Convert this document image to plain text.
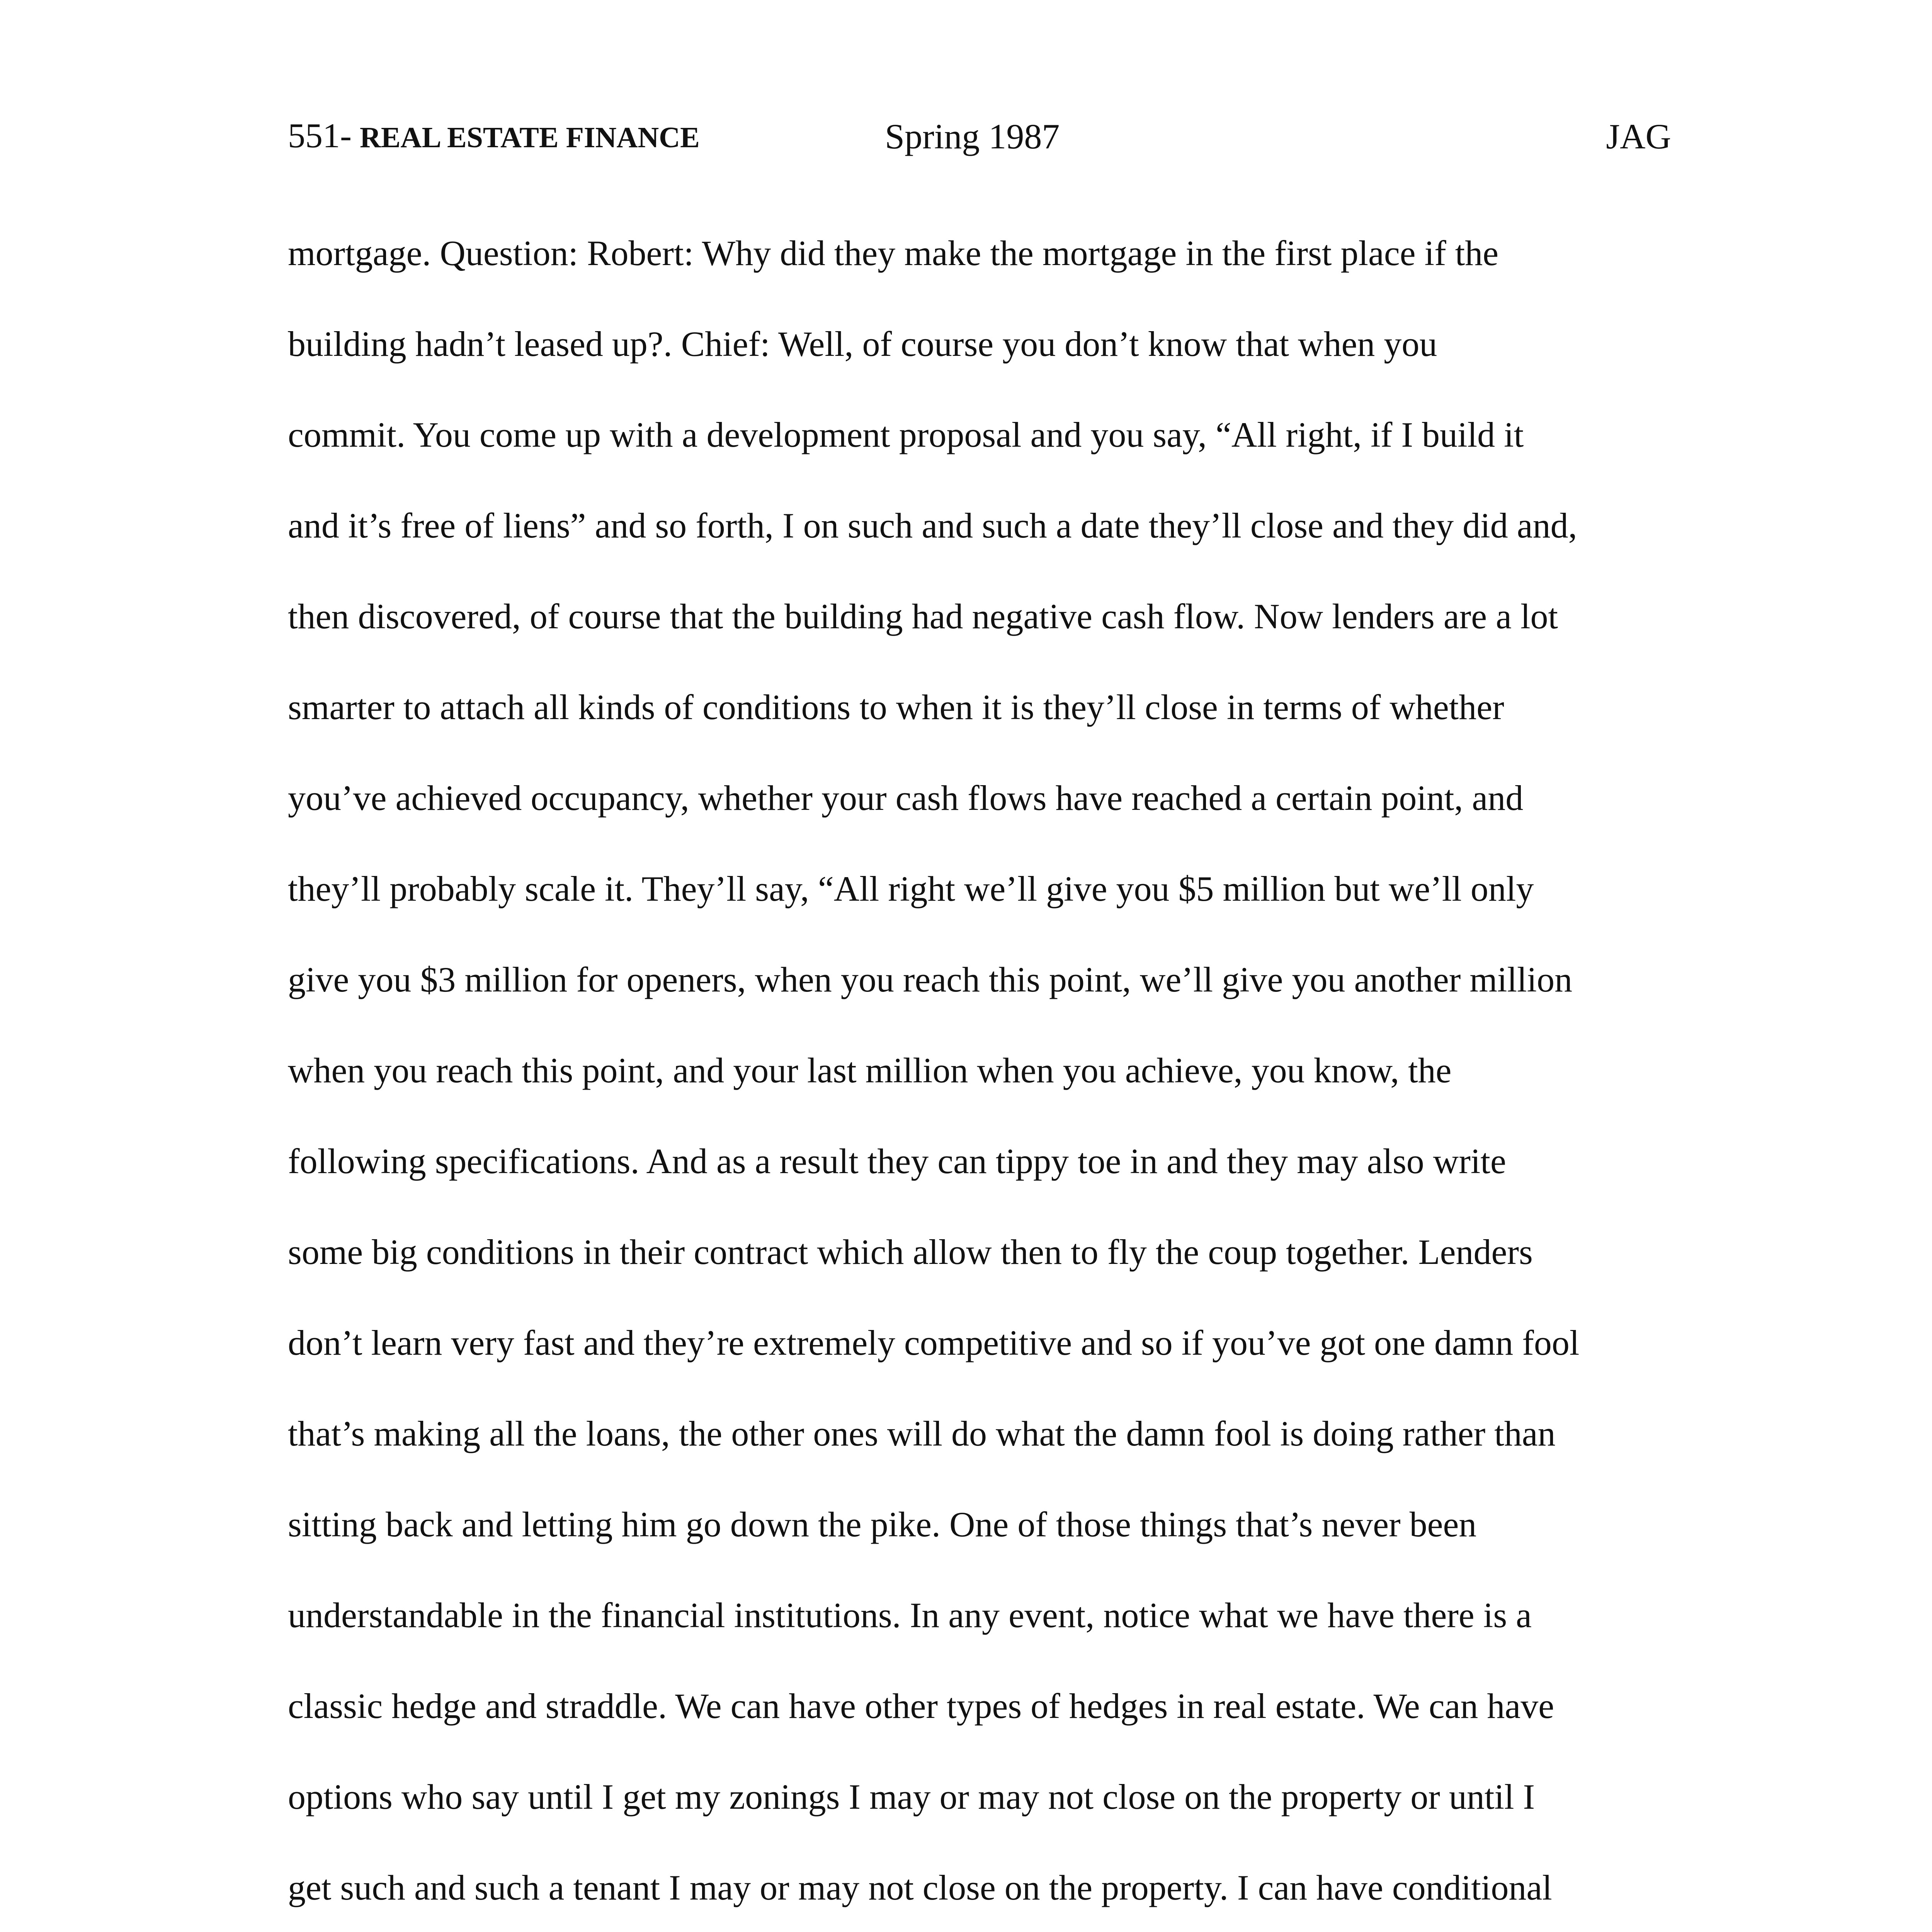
551- REAL ESTATE FINANCE	Spring 1987	JAG
mortgage. Question: Robert: Why did they make the mortgage in the first place if the
building hadn’t leased up?. Chief: Well, of course you don’t know that when you
commit. You come up with a development proposal and you say, “All right, if I build it
and it’s free of liens” and so forth, I on such and such a date they’ll close and they did and,
then discovered, of course that the building had negative cash flow. Now lenders are a lot
smarter to attach all kinds of conditions to when it is they’ll close in terms of whether
you’ve achieved occupancy, whether your cash flows have reached a certain point, and
they’ll probably scale it. They’ll say, “All right we’ll give you $5 million but we’ll only
give you $3 million for openers, when you reach this point, we’ll give you another million
when you reach this point, and your last million when you achieve, you know, the
following specifications. And as a result they can tippy toe in and they may also write
some big conditions in their contract which allow then to fly the coup together. Lenders
don’t learn very fast and they’re extremely competitive and so if you’ve got one damn fool
that’s making all the loans, the other ones will do what the damn fool is doing rather than
sitting back and letting him go down the pike. One of those things that’s never been
understandable in the financial institutions. In any event, notice what we have there is a
classic hedge and straddle. We can have other types of hedges in real estate. We can have
options who say until I get my zonings I may or may not close on the property or until I
get such and such a tenant I may or may not close on the property. I can have conditional
